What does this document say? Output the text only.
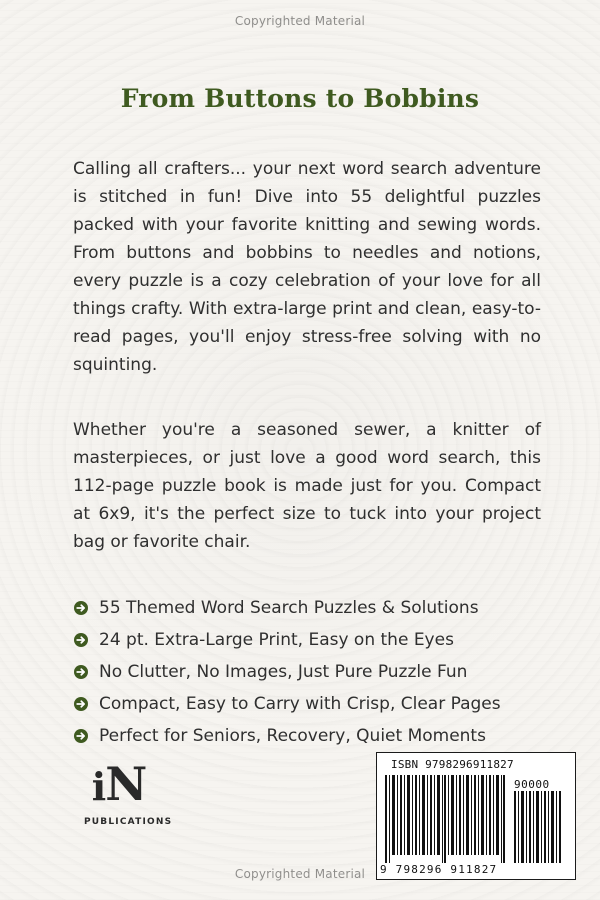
Copyrighted Material
From Buttons to Bobbins
Calling all crafters... your next word search adventure is stitched in fun! Dive into 55 delightful puzzles packed with your favorite knitting and sewing words. From buttons and bobbins to needles and notions, every puzzle is a cozy celebration of your love for all things crafty. With extra-large print and clean, easy-to-read pages, you'll enjoy stress-free solving with no squinting.
Whether you're a seasoned sewer, a knitter of masterpieces, or just love a good word search, this 112-page puzzle book is made just for you. Compact at 6x9, it's the perfect size to tuck into your project bag or favorite chair.
55 Themed Word Search Puzzles & Solutions
24 pt. Extra-Large Print, Easy on the Eyes
No Clutter, No Images, Just Pure Puzzle Fun
Compact, Easy to Carry with Crisp, Clear Pages
Perfect for Seniors, Recovery, Quiet Moments
iN
PUBLICATIONS
ISBN 9798296911827
90000
9 798296 911827
Copyrighted Material
